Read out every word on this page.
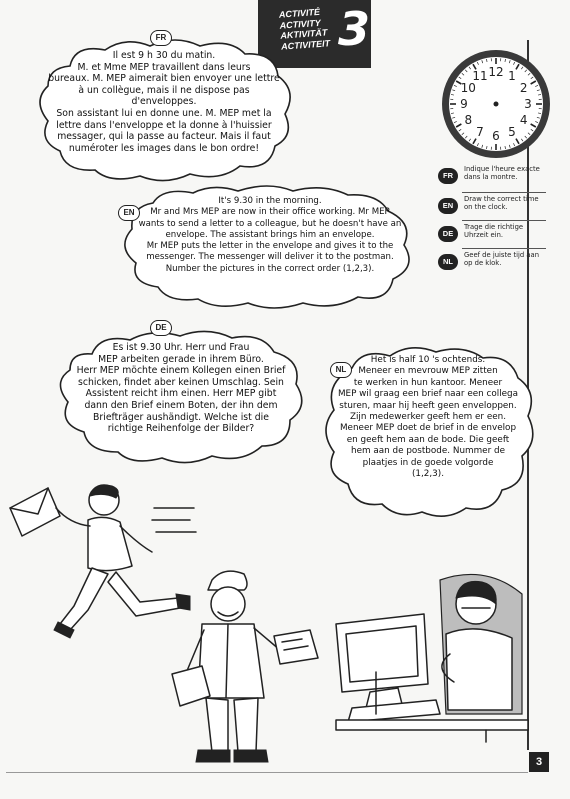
ACTIVITÉ
ACTIVITY
AKTIVITÄT
ACTIVITEIT 3
FR
Il est 9 h 30 du matin.
M. et Mme MEP travaillent dans leurs
bureaux. M. MEP aimerait bien envoyer une lettre
à un collègue, mais il ne dispose pas d'enveloppes.
Son assistant lui en donne une. M. MEP met la
lettre dans l'enveloppe et la donne à l'huissier
messager, qui la passe au facteur. Mais il faut
numéroter les images dans le bon ordre!
EN
It's 9.30 in the morning.
Mr and Mrs MEP are now in their office working. Mr MEP
wants to send a letter to a colleague, but he doesn't have an
envelope. The assistant brings him an envelope.
Mr MEP puts the letter in the envelope and gives it to the
messenger. The messenger will deliver it to the postman.
Number the pictures in the correct order (1,2,3).
DE
Es ist 9.30 Uhr. Herr und Frau
MEP arbeiten gerade in ihrem Büro.
Herr MEP möchte einem Kollegen einen Brief
schicken, findet aber keinen Umschlag. Sein
Assistent reicht ihm einen. Herr MEP gibt
dann den Brief einem Boten, der ihn dem
Briefträger aushändigt. Welche ist die
richtige Reihenfolge der Bilder?
NL
Het is half 10 's ochtends.
Meneer en mevrouw MEP zitten
te werken in hun kantoor. Meneer
MEP wil graag een brief naar een collega
sturen, maar hij heeft geen enveloppen.
Zijn medewerker geeft hem er een.
Meneer MEP doet de brief in de envelop
en geeft hem aan de bode. Die geeft
hem aan de postbode. Nummer de
plaatjes in de goede volgorde
(1,2,3).
12 1
2
3
4
5
6
7
8
9
10
11
FR
Indique l'heure exacte dans la montre.
EN
Draw the correct time on the clock.
DE
Trage die richtige Uhrzeit ein.
NL
Geef de juiste tijd aan op de klok.
3
